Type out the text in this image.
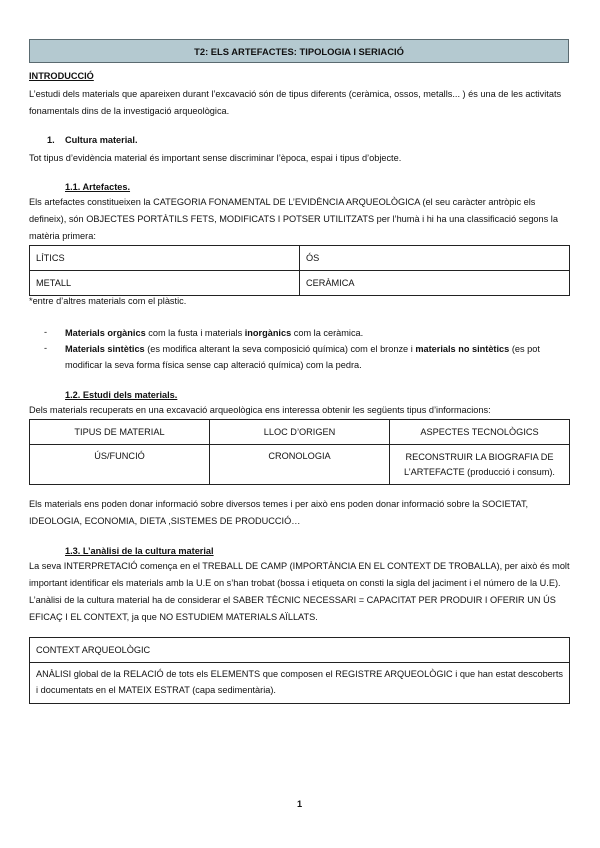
T2: ELS ARTEFACTES: TIPOLOGIA I SERIACIÓ
INTRODUCCIÓ
L’estudi dels materials que apareixen durant l’excavació són de tipus diferents (ceràmica, ossos, metalls... ) és una de les activitats fonamentals dins de la investigació arqueològica.
1. Cultura material.
Tot tipus d’evidència material és important sense discriminar l’època, espai i tipus d’objecte.
1.1. Artefactes.
Els artefactes constitueixen la CATEGORIA FONAMENTAL DE L’EVIDÈNCIA ARQUEOLÒGICA (el seu caràcter antròpic els defineix), són OBJECTES PORTÀTILS FETS, MODIFICATS I POTSER UTILITZATS per l’humà i hi ha una classificació segons la matèria primera:
LÍTICS	ÓS
METALL	CERÀMICA
*entre d’altres materials com el plàstic.
- Materials orgànics com la fusta i materials inorgànics com la ceràmica.
- Materials sintètics (es modifica alterant la seva composició química) com el bronze i materials no sintètics (es pot modificar la seva forma física sense cap alteració química) com la pedra.
1.2. Estudi dels materials.
Dels materials recuperats en una excavació arqueològica ens interessa obtenir les següents tipus d’informacions:
TIPUS DE MATERIAL	LLOC D’ORIGEN	ASPECTES TECNOLÒGICS
ÚS/FUNCIÓ	CRONOLOGIA	RECONSTRUIR LA BIOGRAFIA DE L’ARTEFACTE (producció i consum).
Els materials ens poden donar informació sobre diversos temes i per això ens poden donar informació sobre la SOCIETAT, IDEOLOGIA, ECONOMIA, DIETA ,SISTEMES DE PRODUCCIÓ…
1.3. L’anàlisi de la cultura material
La seva INTERPRETACIÓ comença en el TREBALL DE CAMP (IMPORTÀNCIA EN EL CONTEXT DE TROBALLA), per això és molt important identificar els materials amb la U.E on s’han trobat (bossa i etiqueta on consti la sigla del jaciment i el número de la U.E). L’anàlisi de la cultura material ha de considerar el SABER TÈCNIC NECESSARI = CAPACITAT PER PRODUIR I OFERIR UN ÚS EFICAÇ I EL CONTEXT, ja que NO ESTUDIEM MATERIALS AÏLLATS.
CONTEXT ARQUEOLÒGIC
ANÀLISI global de la RELACIÓ de tots els ELEMENTS que composen el REGISTRE ARQUEOLÒGIC i que han estat descoberts i documentats en el MATEIX ESTRAT (capa sedimentària).
1
